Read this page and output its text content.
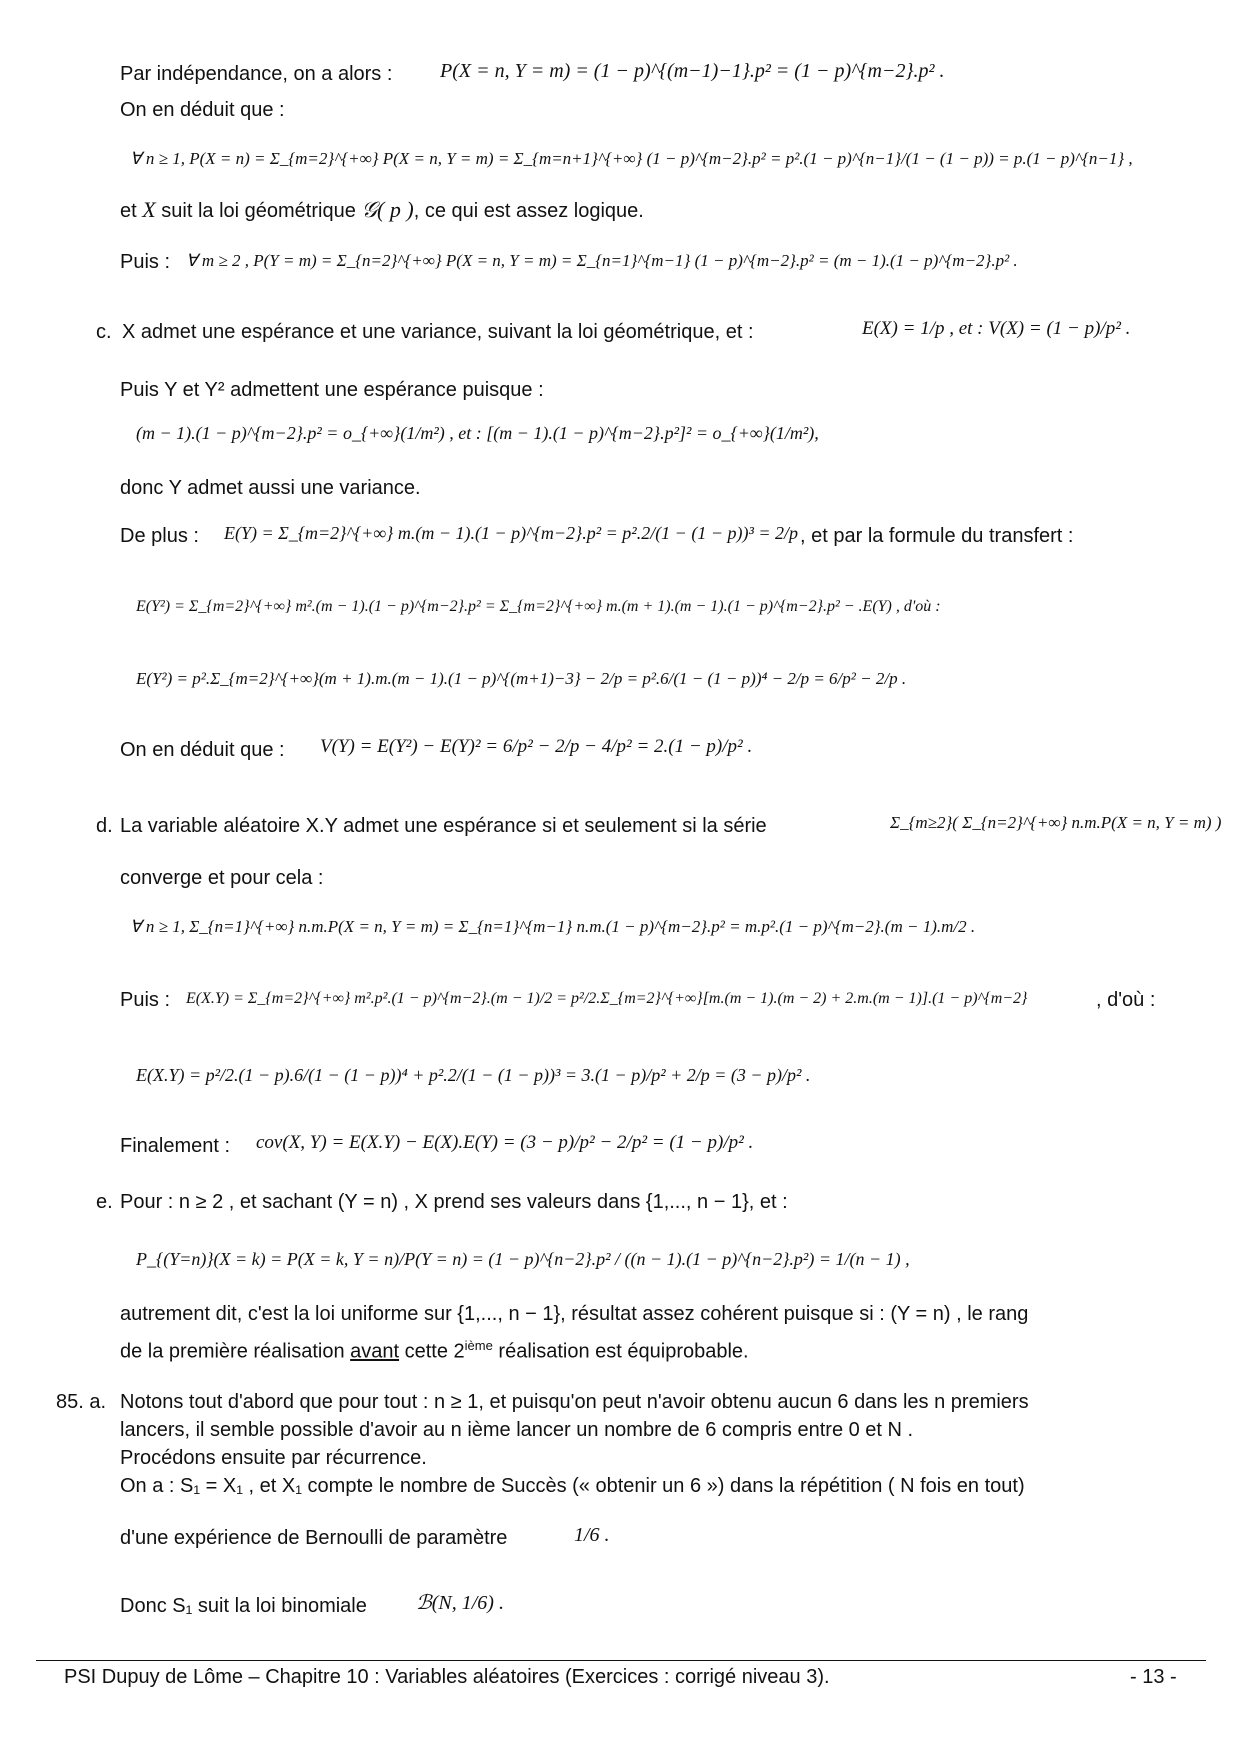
Par indépendance, on a alors : P(X = n, Y = m) = (1 − p)^{(m−1)−1}.p² = (1 − p)^{m−2}.p² .
On en déduit que :
∀ n ≥ 1, P(X = n) = Σ_{m=2}^{+∞} P(X = n, Y = m) = Σ_{m=n+1}^{+∞} (1 − p)^{m−2}.p² = p².(1 − p)^{n−1}/(1 − (1 − p)) = p.(1 − p)^{n−1} ,
et X suit la loi géométrique 𝒢( p ), ce qui est assez logique.
Puis : ∀ m ≥ 2 , P(Y = m) = Σ_{n=2}^{+∞} P(X = n, Y = m) = Σ_{n=1}^{m−1} (1 − p)^{m−2}.p² = (m − 1).(1 − p)^{m−2}.p² .
c. X admet une espérance et une variance, suivant la loi géométrique, et :	E(X) = 1/p , et : V(X) = (1 − p)/p² .
Puis Y et Y² admettent une espérance puisque :
(m − 1).(1 − p)^{m−2}.p² = o_{+∞}(1/m²) , et : [(m − 1).(1 − p)^{m−2}.p²]² = o_{+∞}(1/m²),
donc Y admet aussi une variance.
De plus : E(Y) = Σ_{m=2}^{+∞} m.(m − 1).(1 − p)^{m−2}.p² = p².2/(1 − (1 − p))³ = 2/p , et par la formule du transfert :
E(Y²) = Σ_{m=2}^{+∞} m².(m − 1).(1 − p)^{m−2}.p² = Σ_{m=2}^{+∞} m.(m + 1).(m − 1).(1 − p)^{m−2}.p² − .E(Y) , d'où :
E(Y²) = p².Σ_{m=2}^{+∞}(m + 1).m.(m − 1).(1 − p)^{(m+1)−3} − 2/p = p².6/(1 − (1 − p))⁴ − 2/p = 6/p² − 2/p .
On en déduit que : V(Y) = E(Y²) − E(Y)² = 6/p² − 2/p − 4/p² = 2.(1 − p)/p² .
d. La variable aléatoire X.Y admet une espérance si et seulement si la série	Σ_{m≥2}( Σ_{n=2}^{+∞} n.m.P(X = n, Y = m) )
converge et pour cela :
∀ n ≥ 1, Σ_{n=1}^{+∞} n.m.P(X = n, Y = m) = Σ_{n=1}^{m−1} n.m.(1 − p)^{m−2}.p² = m.p².(1 − p)^{m−2}.(m − 1).m/2 .
Puis : E(X.Y) = Σ_{m=2}^{+∞} m².p².(1 − p)^{m−2}.(m − 1)/2 = p²/2.Σ_{m=2}^{+∞}[m.(m − 1).(m − 2) + 2.m.(m − 1)].(1 − p)^{m−2}	, d'où :
E(X.Y) = p²/2.(1 − p).6/(1 − (1 − p))⁴ + p².2/(1 − (1 − p))³ = 3.(1 − p)/p² + 2/p = (3 − p)/p² .
Finalement : cov(X, Y) = E(X.Y) − E(X).E(Y) = (3 − p)/p² − 2/p² = (1 − p)/p² .
e. Pour : n ≥ 2 , et sachant (Y = n) , X prend ses valeurs dans {1,..., n − 1}, et :
P_{(Y=n)}(X = k) = P(X = k, Y = n)/P(Y = n) = (1 − p)^{n−2}.p² / ((n − 1).(1 − p)^{n−2}.p²) = 1/(n − 1) ,
autrement dit, c'est la loi uniforme sur {1,..., n − 1}, résultat assez cohérent puisque si : (Y = n) , le rang
de la première réalisation avant cette 2ième réalisation est équiprobable.
85. a. Notons tout d'abord que pour tout : n ≥ 1, et puisqu'on peut n'avoir obtenu aucun 6 dans les n premiers
lancers, il semble possible d'avoir au n ième lancer un nombre de 6 compris entre 0 et N .
Procédons ensuite par récurrence.
On a : S₁ = X₁ , et X₁ compte le nombre de Succès (« obtenir un 6 ») dans la répétition ( N fois en tout)
d'une expérience de Bernoulli de paramètre	1/6 .
Donc S₁ suit la loi binomiale ℬ(N, 1/6) .
PSI Dupuy de Lôme – Chapitre 10 : Variables aléatoires (Exercices : corrigé niveau 3).	- 13 -
